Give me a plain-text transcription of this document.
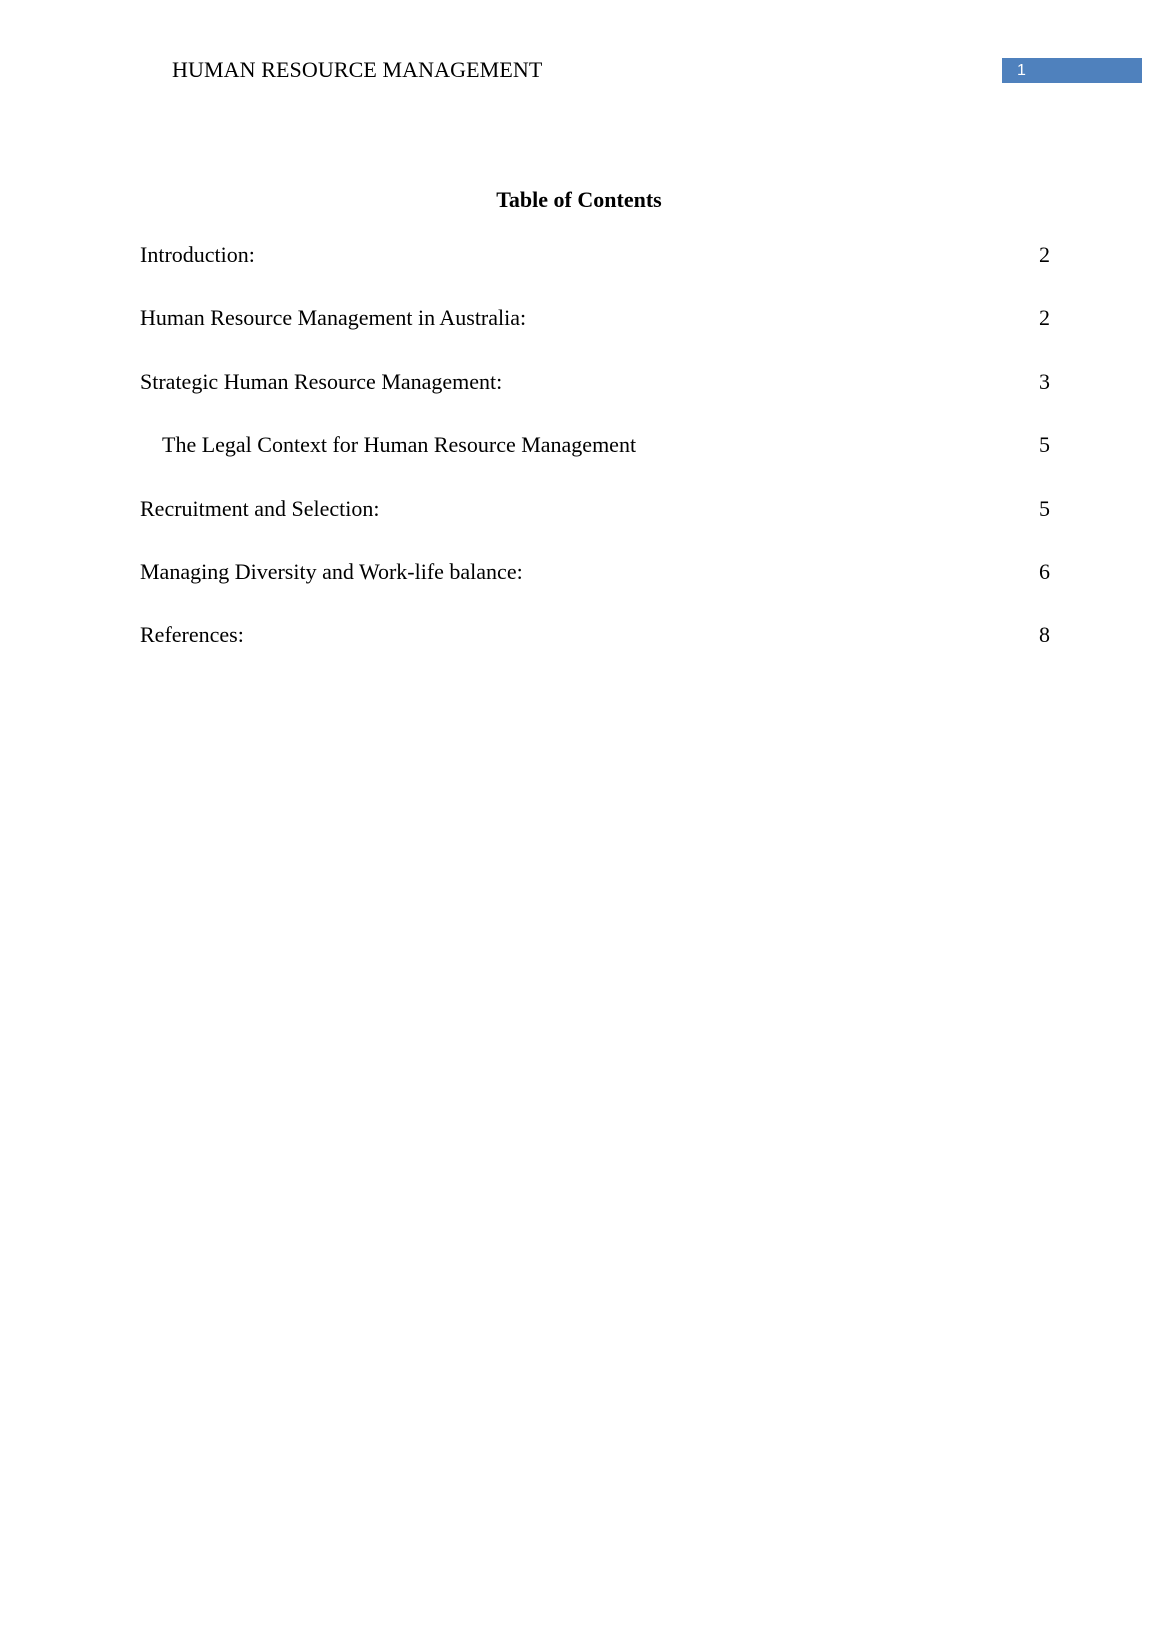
HUMAN RESOURCE MANAGEMENT	1
Table of Contents
Introduction:	2
Human Resource Management in Australia:	2
Strategic Human Resource Management:	3
The Legal Context for Human Resource Management	5
Recruitment and Selection:	5
Managing Diversity and Work-life balance:	6
References:	8
